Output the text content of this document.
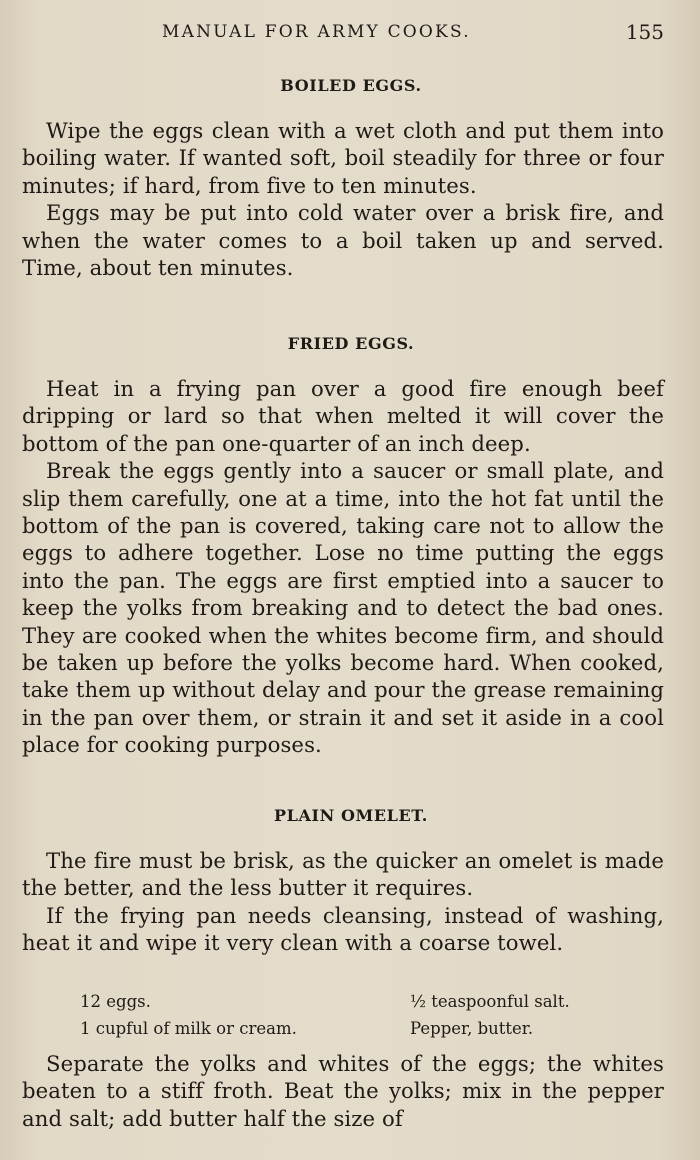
MANUAL FOR ARMY COOKS.	155
BOILED EGGS.

Wipe the eggs clean with a wet cloth and put them into boiling water. If wanted soft, boil steadily for three or four minutes; if hard, from five to ten minutes.

Eggs may be put into cold water over a brisk fire, and when the water comes to a boil taken up and served. Time, about ten minutes.

FRIED EGGS.

Heat in a frying pan over a good fire enough beef dripping or lard so that when melted it will cover the bottom of the pan one-quarter of an inch deep.

Break the eggs gently into a saucer or small plate, and slip them carefully, one at a time, into the hot fat until the bottom of the pan is covered, taking care not to allow the eggs to adhere together. Lose no time putting the eggs into the pan. The eggs are first emptied into a saucer to keep the yolks from breaking and to detect the bad ones. They are cooked when the whites become firm, and should be taken up before the yolks become hard. When cooked, take them up without delay and pour the grease remaining in the pan over them, or strain it and set it aside in a cool place for cooking purposes.

PLAIN OMELET.

The fire must be brisk, as the quicker an omelet is made the better, and the less butter it requires.

If the frying pan needs cleansing, instead of washing, heat it and wipe it very clean with a coarse towel.

12 eggs.	½ teaspoonful salt.
1 cupful of milk or cream.	Pepper, butter.

Separate the yolks and whites of the eggs; the whites beaten to a stiff froth. Beat the yolks; mix in the pepper and salt; add butter half the size of
